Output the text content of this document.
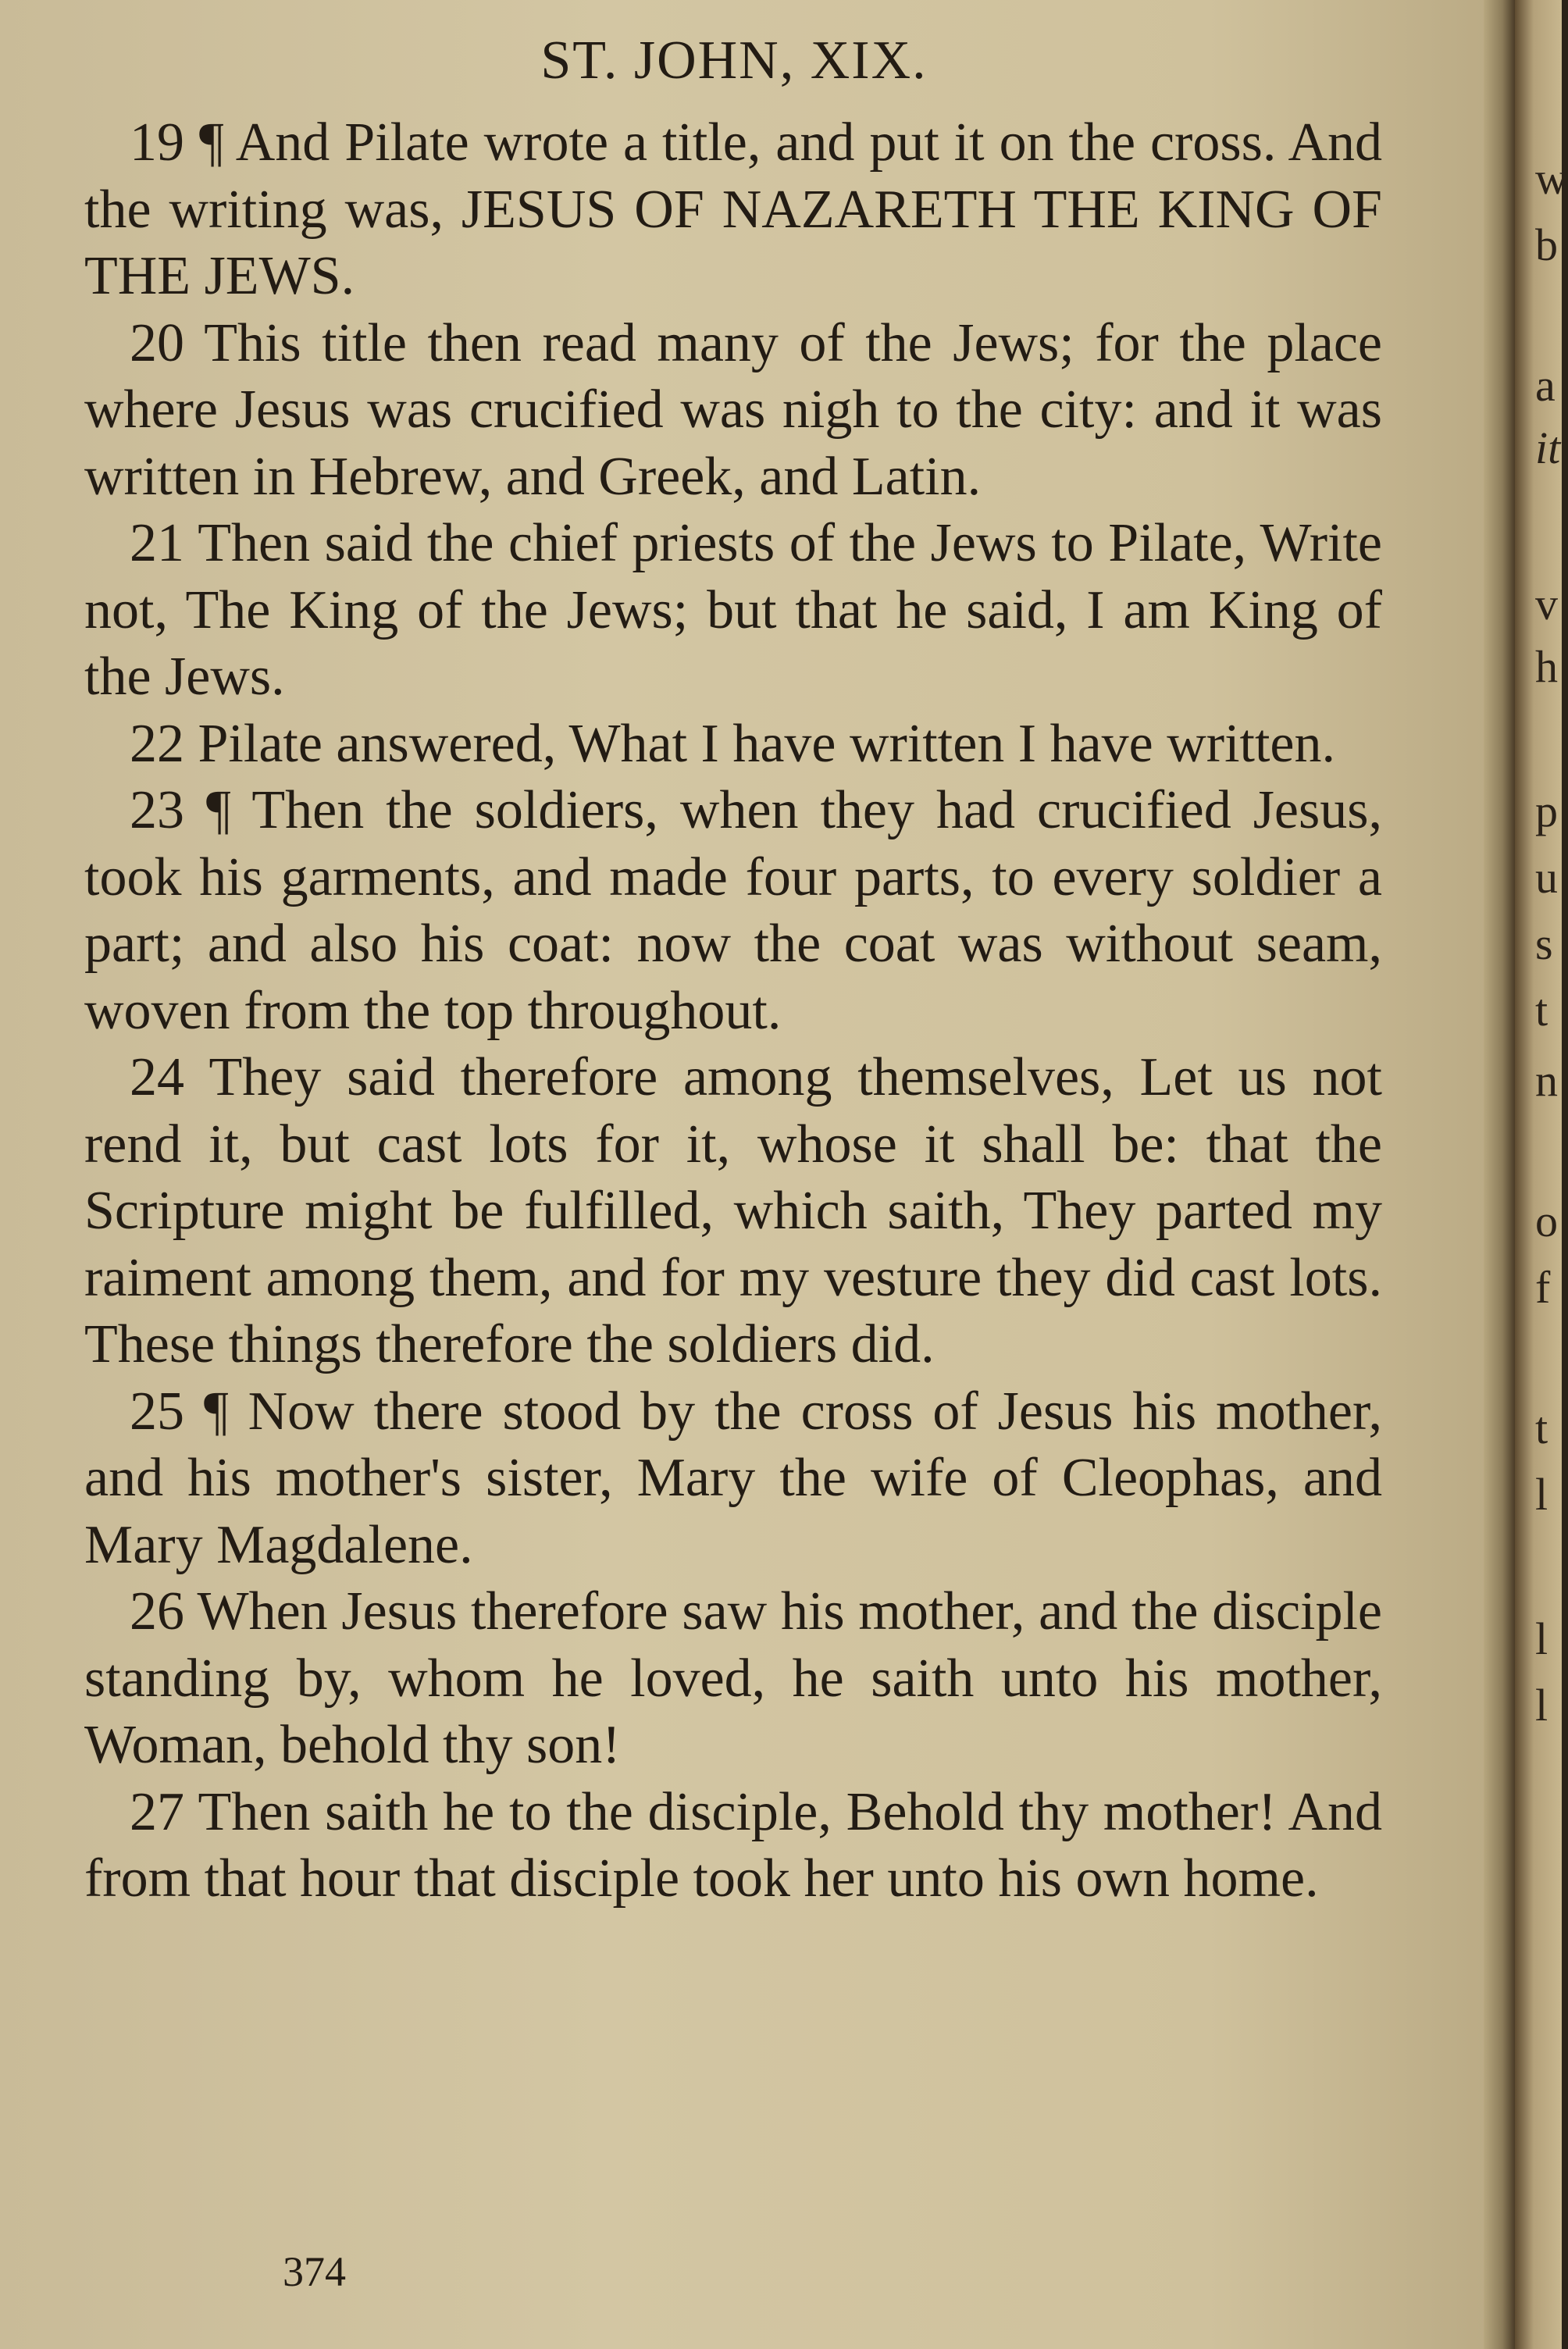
ST. JOHN, XIX.

19 ¶ And Pilate wrote a title, and put it on the cross. And the writing was, JESUS OF NAZARETH THE KING OF THE JEWS.

20 This title then read many of the Jews; for the place where Jesus was crucified was nigh to the city: and it was written in Hebrew, and Greek, and Latin.

21 Then said the chief priests of the Jews to Pilate, Write not, The King of the Jews; but that he said, I am King of the Jews.

22 Pilate answered, What I have written I have written.

23 ¶ Then the soldiers, when they had crucified Jesus, took his garments, and made four parts, to every soldier a part; and also his coat: now the coat was without seam, woven from the top throughout.

24 They said therefore among themselves, Let us not rend it, but cast lots for it, whose it shall be: that the Scripture might be fulfilled, which saith, They parted my raiment among them, and for my vesture they did cast lots. These things therefore the soldiers did.

25 ¶ Now there stood by the cross of Jesus his mother, and his mother's sister, Mary the wife of Cleophas, and Mary Magdalene.

26 When Jesus therefore saw his mother, and the disciple standing by, whom he loved, he saith unto his mother, Woman, behold thy son!

27 Then saith he to the disciple, Behold thy mother! And from that hour that disciple took her unto his own home.

374
w
b
a
it
v
h
p
u
s
t
n
o
f
t
l
l
l
